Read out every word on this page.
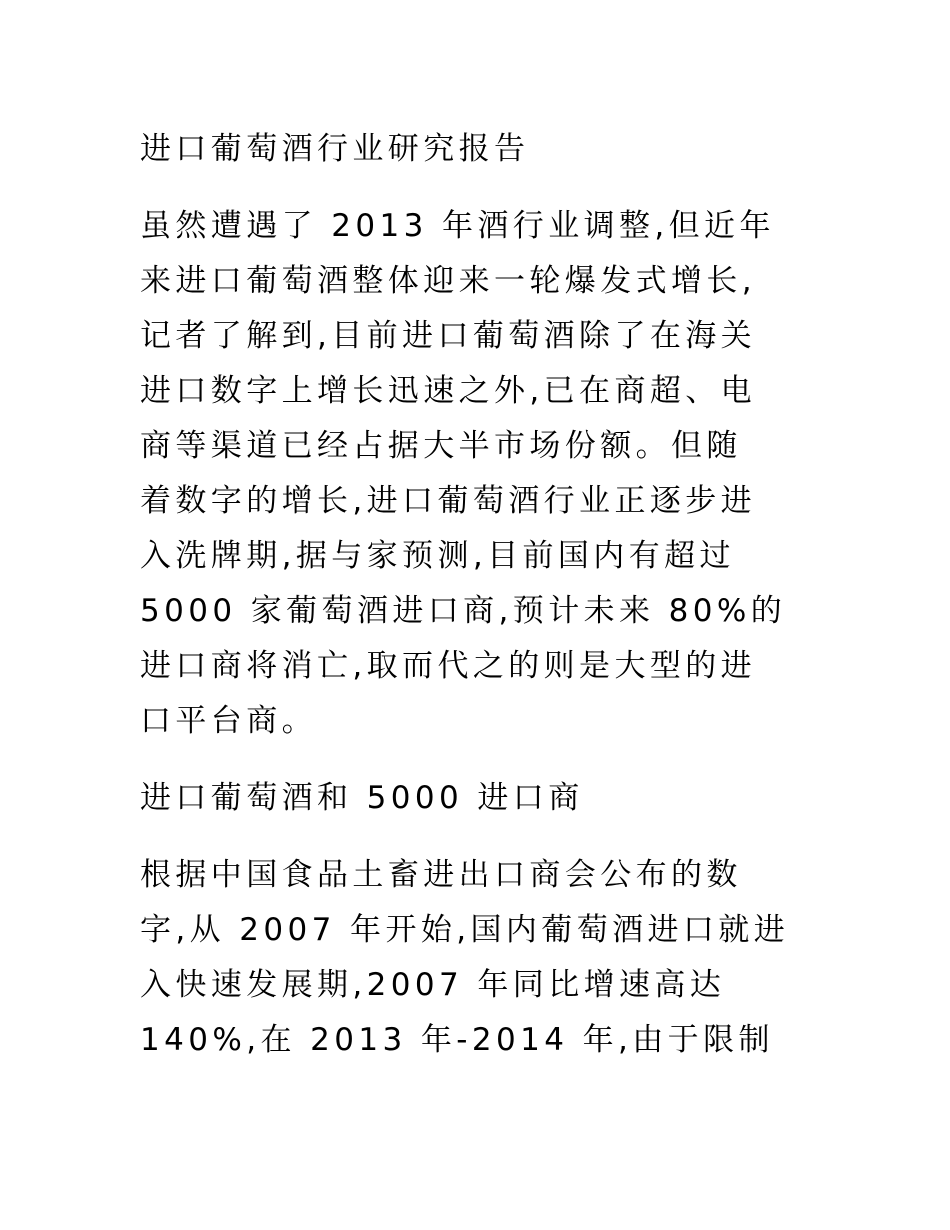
进口葡萄酒行业研究报告
虽然遭遇了 2013 年酒行业调整,但近年
来进口葡萄酒整体迎来一轮爆发式增长,
记者了解到,目前进口葡萄酒除了在海关
进口数字上增长迅速之外,已在商超、电
商等渠道已经占据大半市场份额。但随
着数字的增长,进口葡萄酒行业正逐步进
入洗牌期,据与家预测,目前国内有超过
5000 家葡萄酒进口商,预计未来 80%的
进口商将消亡,取而代之的则是大型的进
口平台商。
进口葡萄酒和 5000 进口商
根据中国食品土畜进出口商会公布的数
字,从 2007 年开始,国内葡萄酒进口就进
入快速发展期,2007 年同比增速高达
140%,在 2013 年-2014 年,由于限制
